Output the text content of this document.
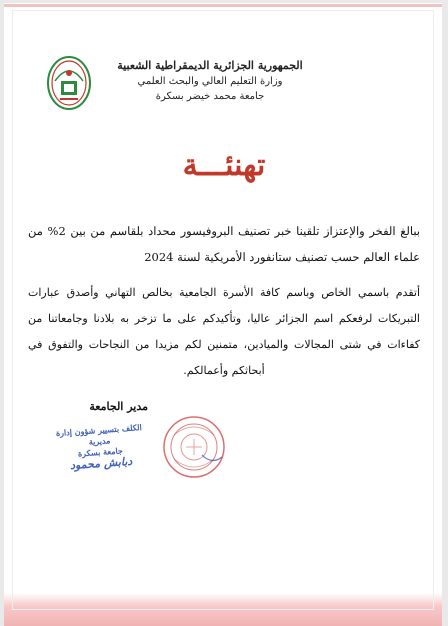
الجمهورية الجزائرية الديمقراطية الشعبية
وزارة التعليم العالي والبحث العلمي
جامعة محمد خيضر بسكرة
تهنئـــة
ببالغ الفخر والإعتزاز تلقينا خبر تصنيف البروفيسور محداد بلقاسم من بين 2% من علماء العالم حسب تصنيف ستانفورد الأمريكية لسنة 2024
أتقدم باسمي الخاص وباسم كافة الأسرة الجامعية بخالص التهاني وأصدق عبارات التبريكات لرفعكم اسم الجزائر عاليا، وتأكيدكم على ما تزخر به بلادنا وجامعاتنا من كفاءات في شتى المجالات والميادين، متمنين لكم مزيدا من النجاحات والتفوق في أبحاثكم وأعمالكم.
مدير الجامعة
الكلف بتسيير شؤون إدارة مديرية
جامعة بسكرة
دبابش محمود
